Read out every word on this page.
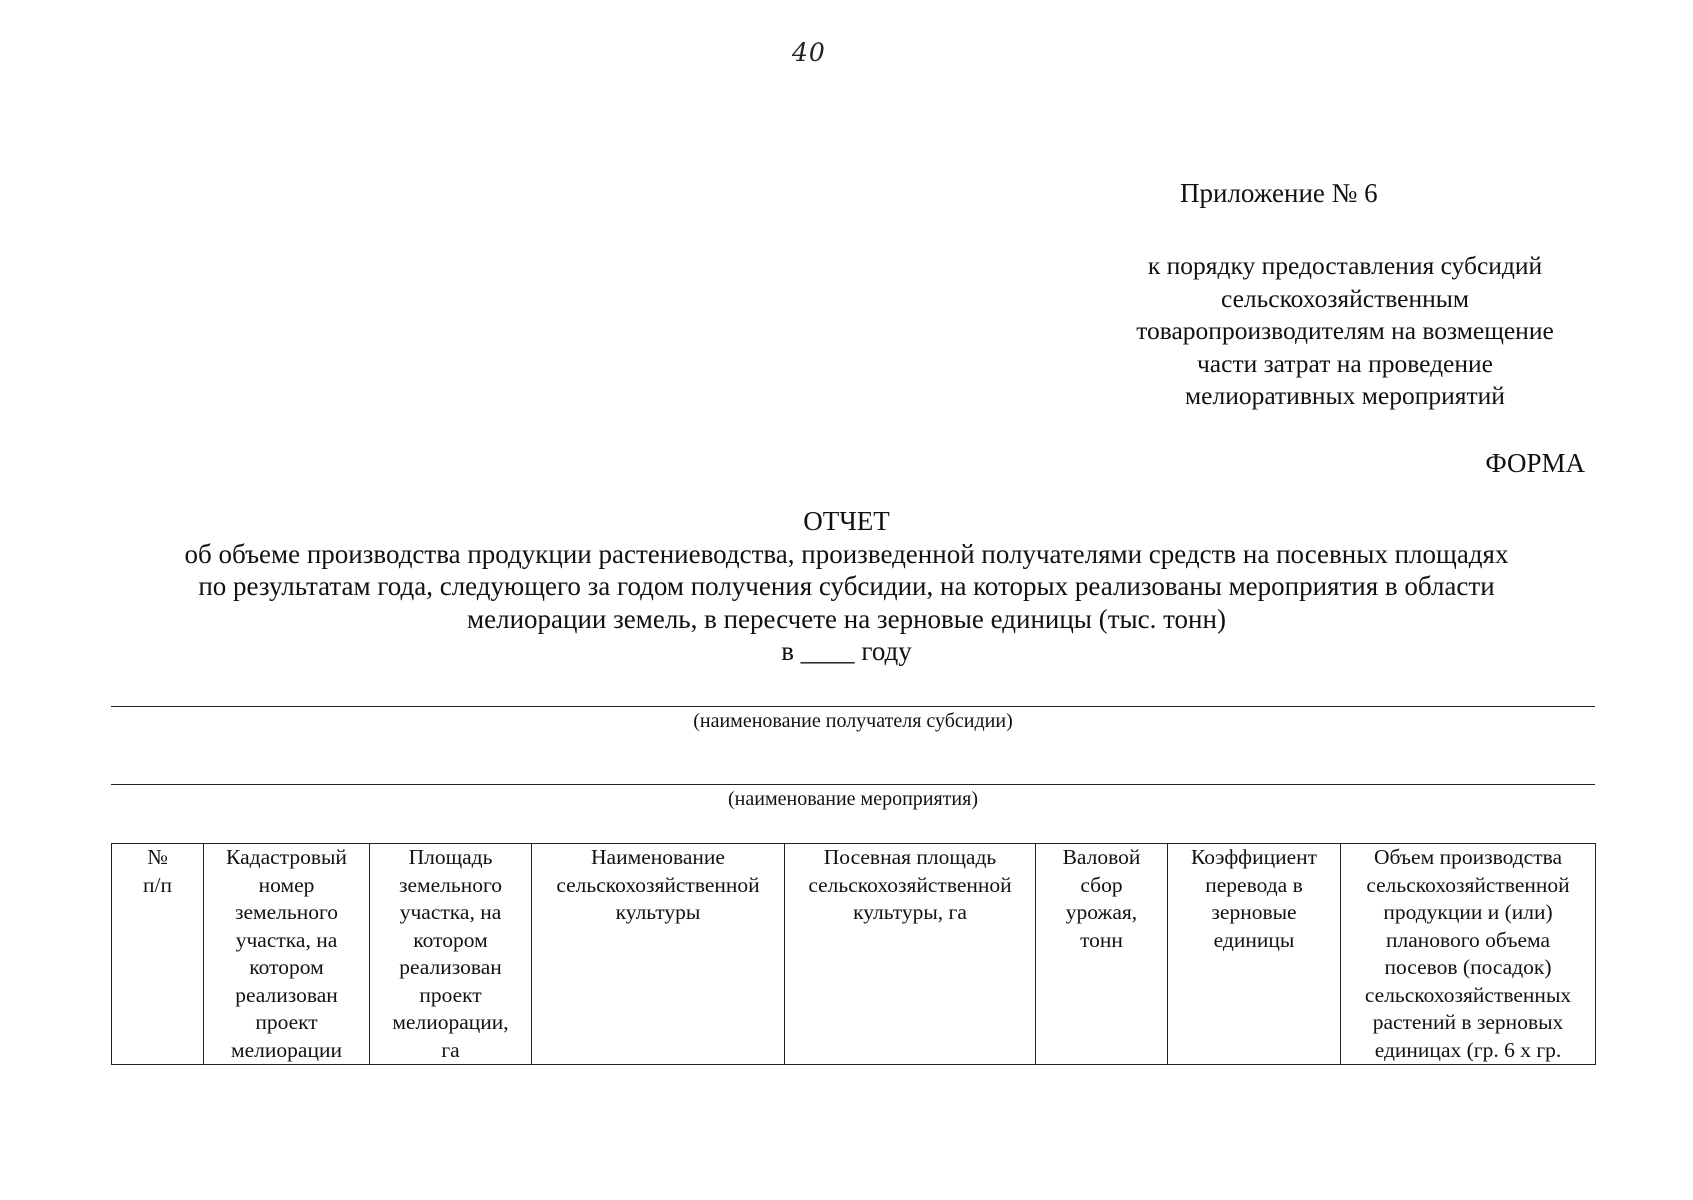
40
Приложение № 6
к порядку предоставления субсидий
сельскохозяйственным
товаропроизводителям на возмещение
части затрат на проведение
мелиоративных мероприятий
ФОРМА
ОТЧЕТ
об объеме производства продукции растениеводства, произведенной получателями средств на посевных площадях
по результатам года, следующего за годом получения субсидии, на которых реализованы мероприятия в области
мелиорации земель, в пересчете на зерновые единицы (тыс. тонн)
в ____ году
(наименование получателя субсидии)
(наименование мероприятия)
№
п/п

Кадастровый
номер
земельного
участка, на
котором
реализован
проект
мелиорации

Площадь
земельного
участка, на
котором
реализован
проект
мелиорации,
га

Наименование
сельскохозяйственной
культуры

Посевная площадь
сельскохозяйственной
культуры, га

Валовой
сбор
урожая,
тонн

Коэффициент
перевода в
зерновые
единицы

Объем производства
сельскохозяйственной
продукции и (или)
планового объема
посевов (посадок)
сельскохозяйственных
растений в зерновых
единицах (гр. 6 х гр.
